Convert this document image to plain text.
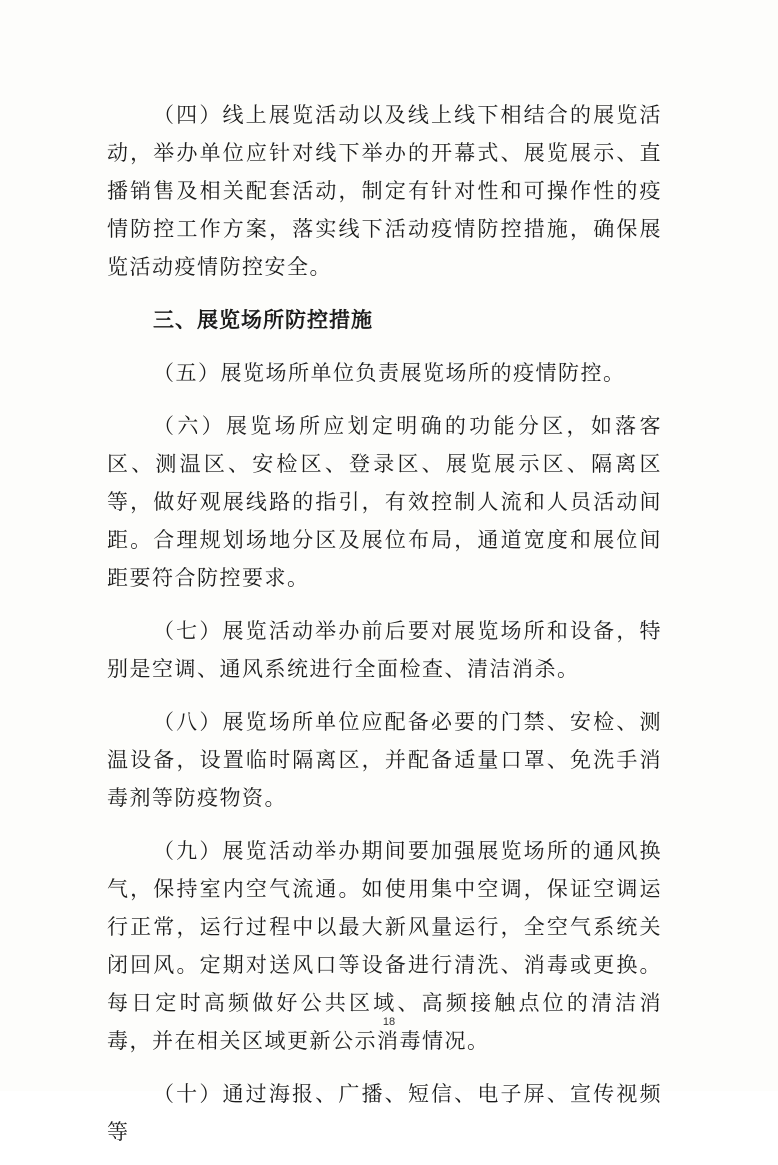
（四）线上展览活动以及线上线下相结合的展览活动，举办单位应针对线下举办的开幕式、展览展示、直播销售及相关配套活动，制定有针对性和可操作性的疫情防控工作方案，落实线下活动疫情防控措施，确保展览活动疫情防控安全。

三、展览场所防控措施

（五）展览场所单位负责展览场所的疫情防控。

（六）展览场所应划定明确的功能分区，如落客区、测温区、安检区、登录区、展览展示区、隔离区等，做好观展线路的指引，有效控制人流和人员活动间距。合理规划场地分区及展位布局，通道宽度和展位间距要符合防控要求。

（七）展览活动举办前后要对展览场所和设备，特别是空调、通风系统进行全面检查、清洁消杀。

（八）展览场所单位应配备必要的门禁、安检、测温设备，设置临时隔离区，并配备适量口罩、免洗手消毒剂等防疫物资。

（九）展览活动举办期间要加强展览场所的通风换气，保持室内空气流通。如使用集中空调，保证空调运行正常，运行过程中以最大新风量运行，全空气系统关闭回风。定期对送风口等设备进行清洗、消毒或更换。每日定时高频做好公共区域、高频接触点位的清洁消毒，并在相关区域更新公示消毒情况。

（十）通过海报、广播、短信、电子屏、宣传视频等

18
